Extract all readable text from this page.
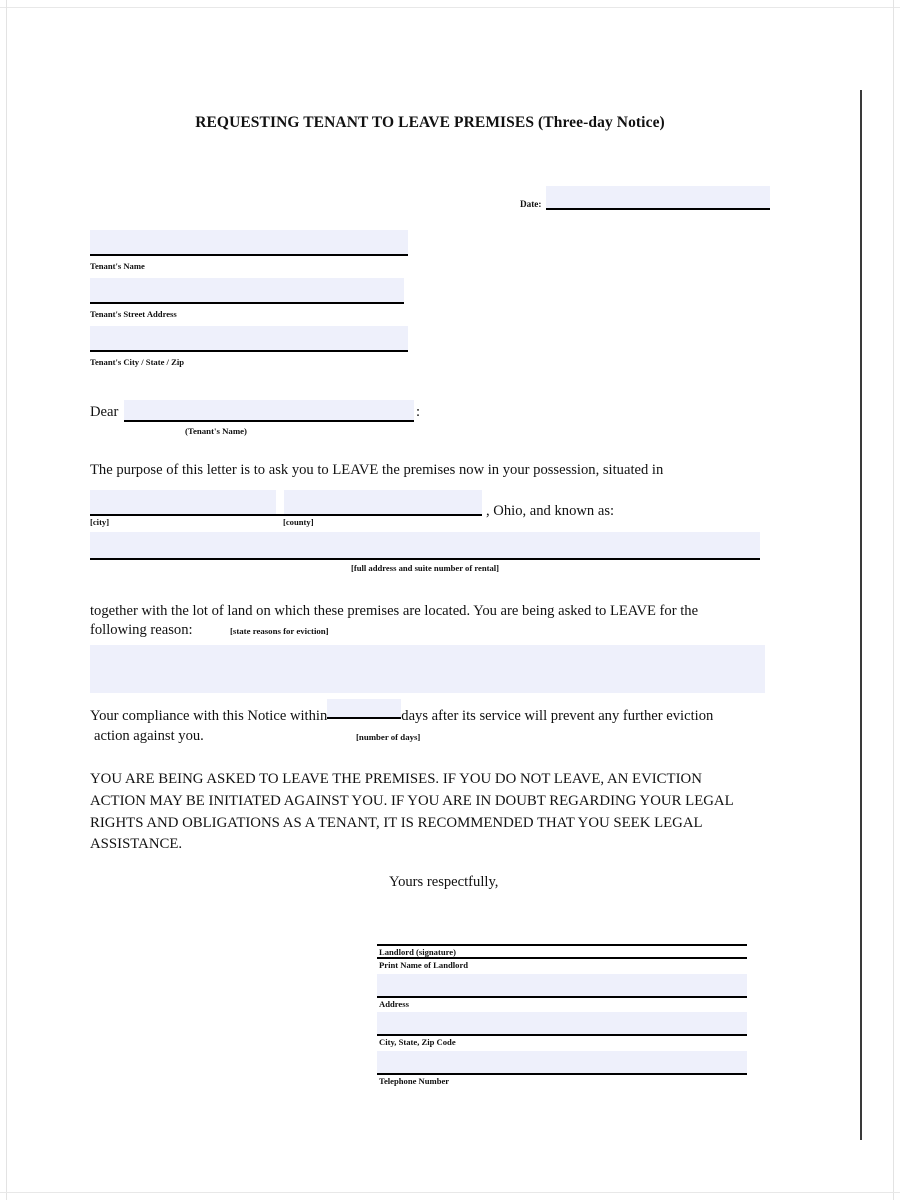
REQUESTING TENANT TO LEAVE PREMISES (Three-day Notice)
Date:
Tenant's Name
Tenant's Street Address
Tenant's City / State / Zip
Dear	:
(Tenant's Name)
The purpose of this letter is to ask you to LEAVE the premises now in your possession, situated in
[city]	[county]
, Ohio, and known as:
[full address and suite number of rental]
together with the lot of land on which these premises are located. You are being asked to LEAVE for the
following reason:	[state reasons for eviction]
Your compliance with this Notice within	days after its service will prevent any further eviction
action against you.	[number of days]
YOU ARE BEING ASKED TO LEAVE THE PREMISES. IF YOU DO NOT LEAVE, AN EVICTION
ACTION MAY BE INITIATED AGAINST YOU. IF YOU ARE IN DOUBT REGARDING YOUR LEGAL
RIGHTS AND OBLIGATIONS AS A TENANT, IT IS RECOMMENDED THAT YOU SEEK LEGAL
ASSISTANCE.
Yours respectfully,
Landlord (signature)
Print Name of Landlord
Address
City, State, Zip Code
Telephone Number
